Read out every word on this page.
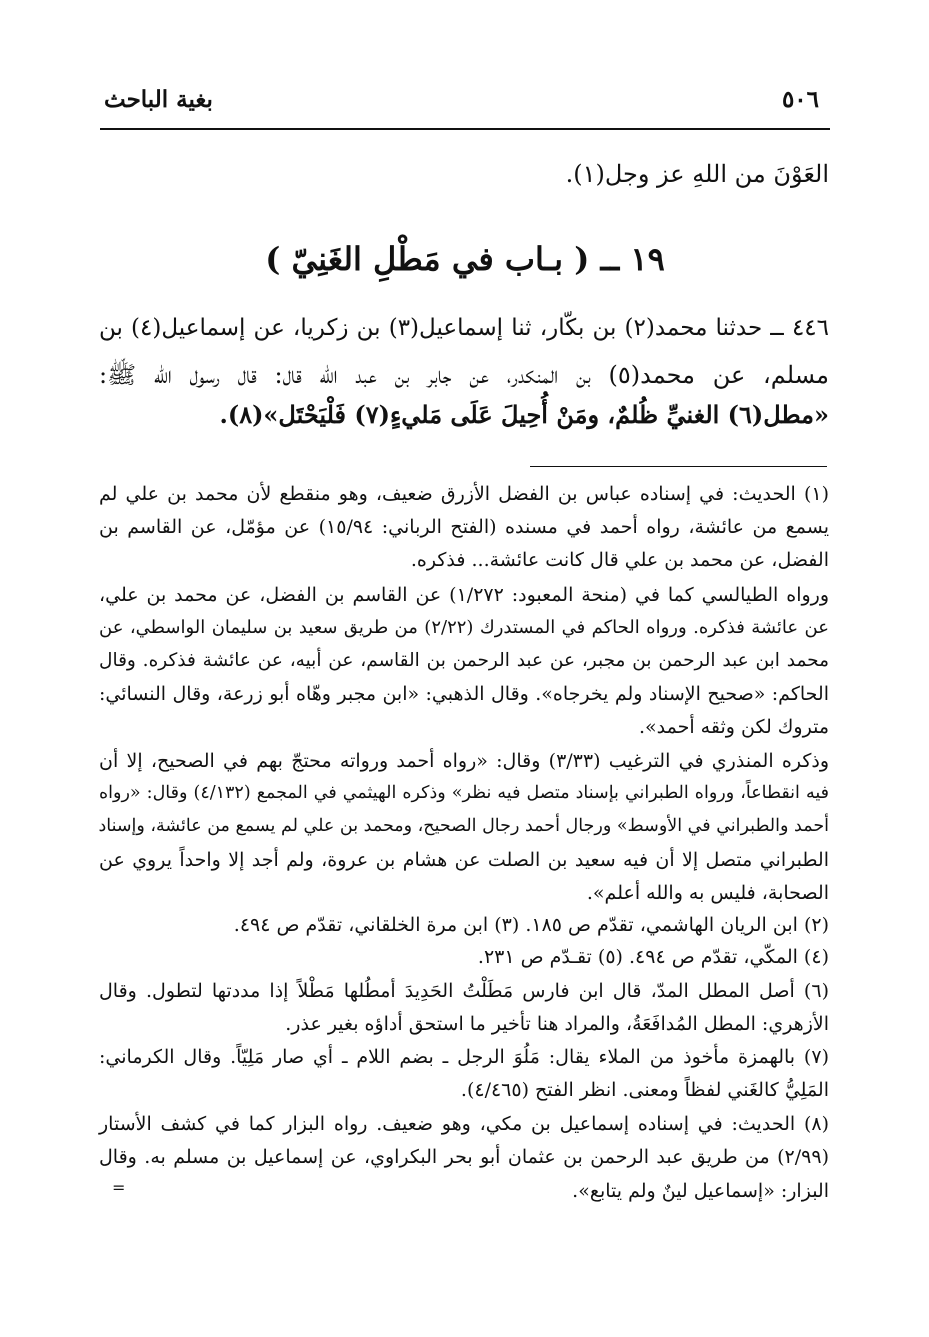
بغية الباحث	٥٠٦
العَوْنَ من اللهِ عز وجل(١).
١٩ ــ ( بـاب في مَطْلِ الغَنِيّ )
٤٤٦ ــ حدثنا محمد(٢) بن بكّار، ثنا إسماعيل(٣) بن زكريا، عن إسماعيل(٤) بن
مسلم، عن محمد(٥) بن المنكدر، عن جابر بن عبد الله قال: قال رسول الله ﷺ:
«مطل(٦) الغنيِّ ظُلمٌ، ومَنْ أُحِيلَ عَلَى مَليءٍ(٧) فَلْيَحْتَل»(٨).
(١) الحديث: في إسناده عباس بن الفضل الأزرق ضعيف، وهو منقطع لأن محمد بن علي لم
يسمع من عائشة، رواه أحمد في مسنده (الفتح الرباني: ١٥/٩٤) عن مؤمّل، عن القاسم بن
الفضل، عن محمد بن علي قال كانت عائشة... فذكره.
ورواه الطيالسي كما في (منحة المعبود: ١/٢٧٢) عن القاسم بن الفضل، عن محمد بن علي،
عن عائشة فذكره. ورواه الحاكم في المستدرك (٢/٢٢) من طريق سعيد بن سليمان الواسطي، عن
محمد ابن عبد الرحمن بن مجبر، عن عبد الرحمن بن القاسم، عن أبيه، عن عائشة فذكره. وقال
الحاكم: «صحيح الإسناد ولم يخرجاه». وقال الذهبي: «ابن مجبر وهّاه أبو زرعة، وقال النسائي:
متروك لكن وثقه أحمد».
وذكره المنذري في الترغيب (٣/٣٣) وقال: «رواه أحمد ورواته محتجّ بهم في الصحيح، إلا أن
فيه انقطاعاً، ورواه الطبراني بإسناد متصل فيه نظر» وذكره الهيثمي في المجمع (٤/١٣٢) وقال: «رواه
أحمد والطبراني في الأوسط» ورجال أحمد رجال الصحيح، ومحمد بن علي لم يسمع من عائشة، وإسناد
الطبراني متصل إلا أن فيه سعيد بن الصلت عن هشام بن عروة، ولم أجد إلا واحداً يروي عن
الصحابة، فليس به والله أعلم».
(٢) ابن الريان الهاشمي، تقدّم ص ١٨٥. (٣) ابن مرة الخلقاني، تقدّم ص ٤٩٤.
(٤) المكّي، تقدّم ص ٤٩٤. (٥) تقـدّم ص ٢٣١.
(٦) أصل المطل المدّ، قال ابن فارس مَطَلْتُ الحَدِيدَ أمطُلها مَطْلاً إذا مددتها لتطول. وقال
الأزهري: المطل المُدافَعَةُ، والمراد هنا تأخير ما استحق أداؤه بغير عذر.
(٧) بالهمزة مأخوذ من الملاء يقال: مَلُوَ الرجل ـ بضم اللام ـ أي صار مَلِيّاً. وقال الكرماني:
المَلِيُّ كالغَني لفظاً ومعنى. انظر الفتح (٤/٤٦٥).
(٨) الحديث: في إسناده إسماعيل بن مكي، وهو ضعيف. رواه البزار كما في كشف الأستار
(٢/٩٩) من طريق عبد الرحمن بن عثمان أبو بحر البكراوي، عن إسماعيل بن مسلم به. وقال
البزار: «إسماعيل لينٌ ولم يتابع».
=
